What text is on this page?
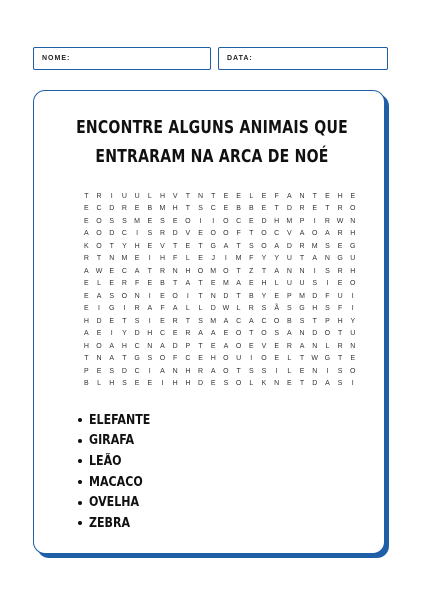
NOME:	DATA:
ENCONTRE ALGUNS ANIMAIS QUE
ENTRARAM NA ARCA DE NOÉ
T	R	I	U	U	L	H	V	T	N	T	E	E	L	E	F	A	N	T	E	H	E
E	C	D	R	E	B	M	H	T	S	C	E	B	B	E	T	D	R	E	T	R	O
E	O	S	S	M	E	S	E	O	I	I	O	C	E	D	H	M	P	I	R W N
A	O	D	C	I	S	R	D	V	E	O	O	F	T	O	C	V	A	O	A	R	H
K	O	T	Y	H	E	V	T	E	T	G	A	T	S	O	A	D	R	M	S	E	G
R	T	N	M	E	I	H	F	L	E	J	I	M	F	Y	Y	U	T	A	N	G	U
A	W	E	C	A	T	R	N	H	O	M	O	T	Z	T	A	N	N	I	S	R	H
E	L	E	R	F	E	B	T	A	T	E	M	A	E	H	L	U	U	S	I	E	O
E	A	S	O	N	I	E	O	I	T	N	D	T	B	Y	E	P	M	D	F	U	I
E	I	G	I	R	A	F	A	L	L	D W	L	R	S	Ã	S	G	H	S	F	I
H	D	E	T	S	I	E	R	T	S	M	A	C	A	C	O	B	S	T	P	H	Y
A	E	I	Y	D	H	C	E	R	A	A	E	O	T	O	S	A	N	D	O	T	U
H	O	A	H	C	N	A	D	P	T	E	A	O	E	V	E	R	A	N	L	R	N
T	N	A	T	G	S	O	F	C	E	H	O	U	I	O	E	L	T	W G	T	E
P	E	S	D	C	I	A	N	H	R	A	O	T	S	S	I	L	E	N	I	S	O
B	L	H	S	E	E	I	H	H	D	E	S	O	L	K	N	E	T	D	A	S	I
ELEFANTE
GIRAFA
LEÃO
MACACO
OVELHA
ZEBRA
